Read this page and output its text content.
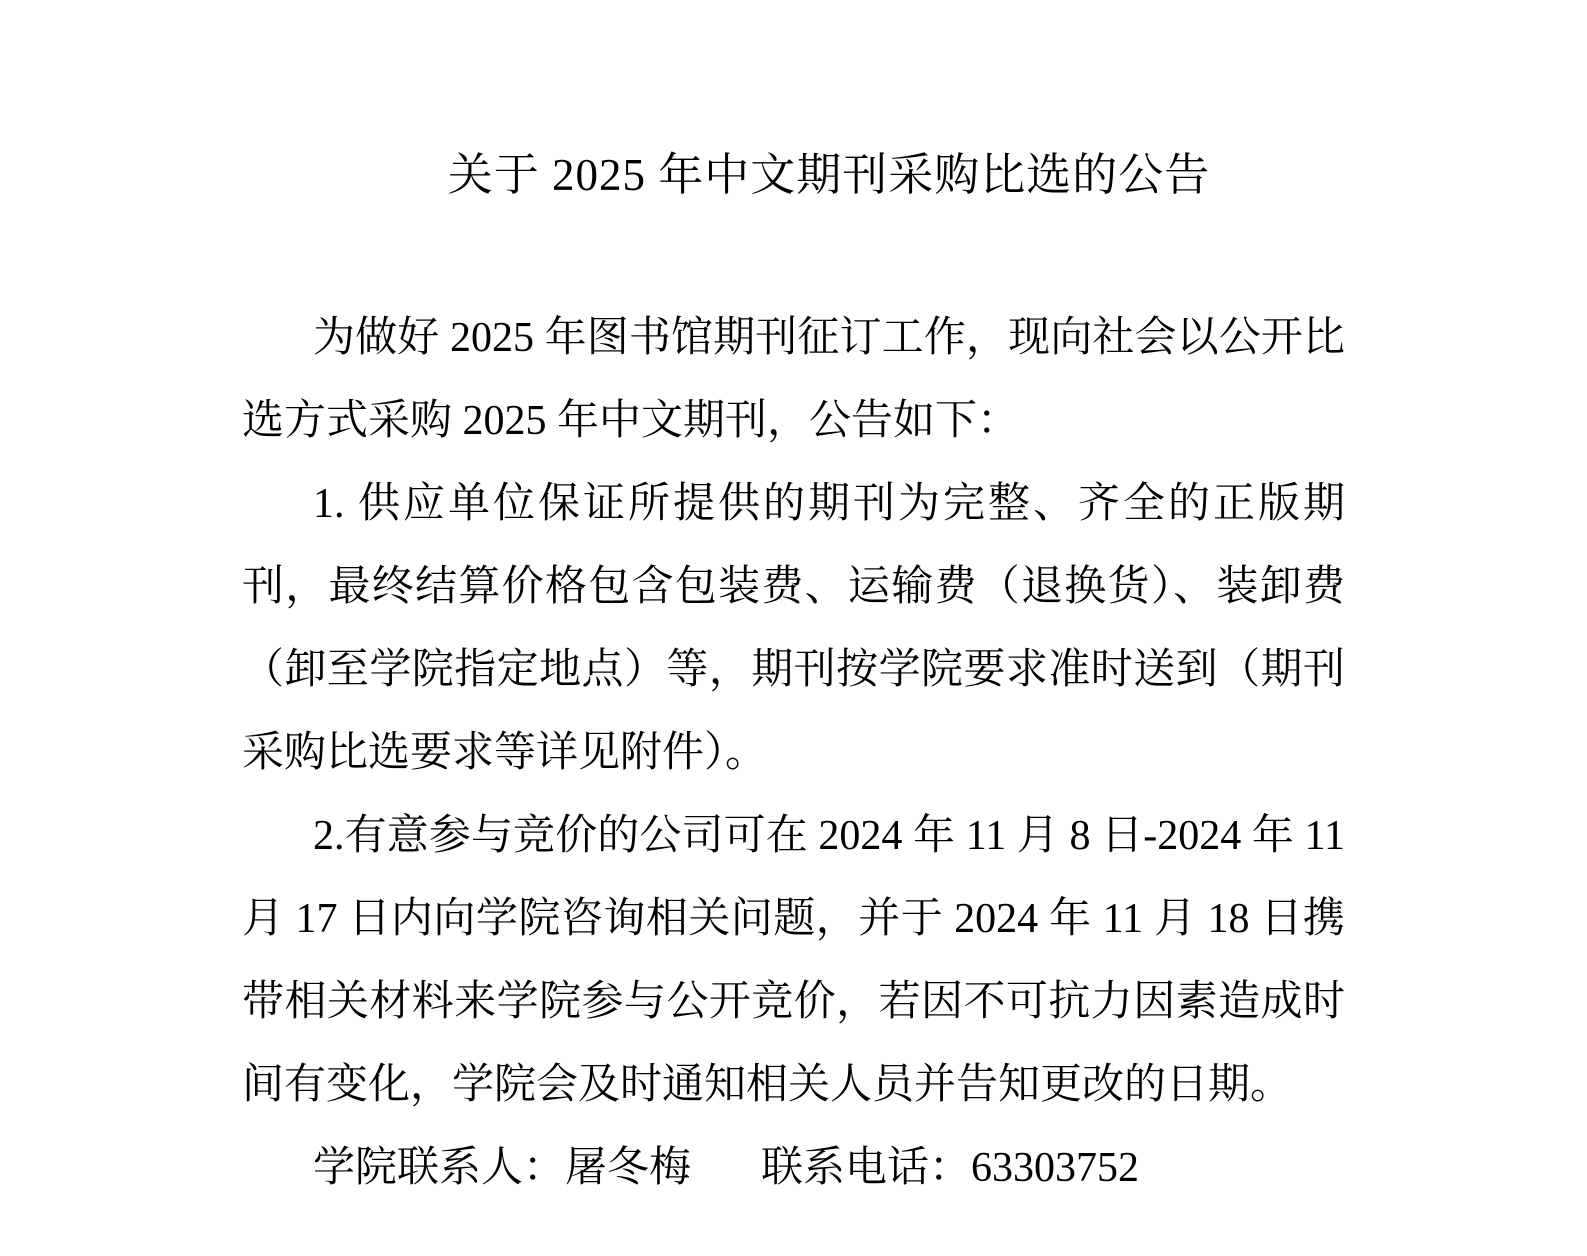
关于 2025 年中文期刊采购比选的公告

为做好 2025 年图书馆期刊征订工作，现向社会以公开比选方式采购 2025 年中文期刊，公告如下：

1. 供应单位保证所提供的期刊为完整、齐全的正版期刊，最终结算价格包含包装费、运输费（退换货）、装卸费（卸至学院指定地点）等，期刊按学院要求准时送到（期刊采购比选要求等详见附件）。

2.有意参与竞价的公司可在 2024 年 11 月 8 日-2024 年 11 月 17 日内向学院咨询相关问题，并于 2024 年 11 月 18 日携带相关材料来学院参与公开竞价，若因不可抗力因素造成时间有变化，学院会及时通知相关人员并告知更改的日期。

学院联系人：屠冬梅 联系电话：63303752
